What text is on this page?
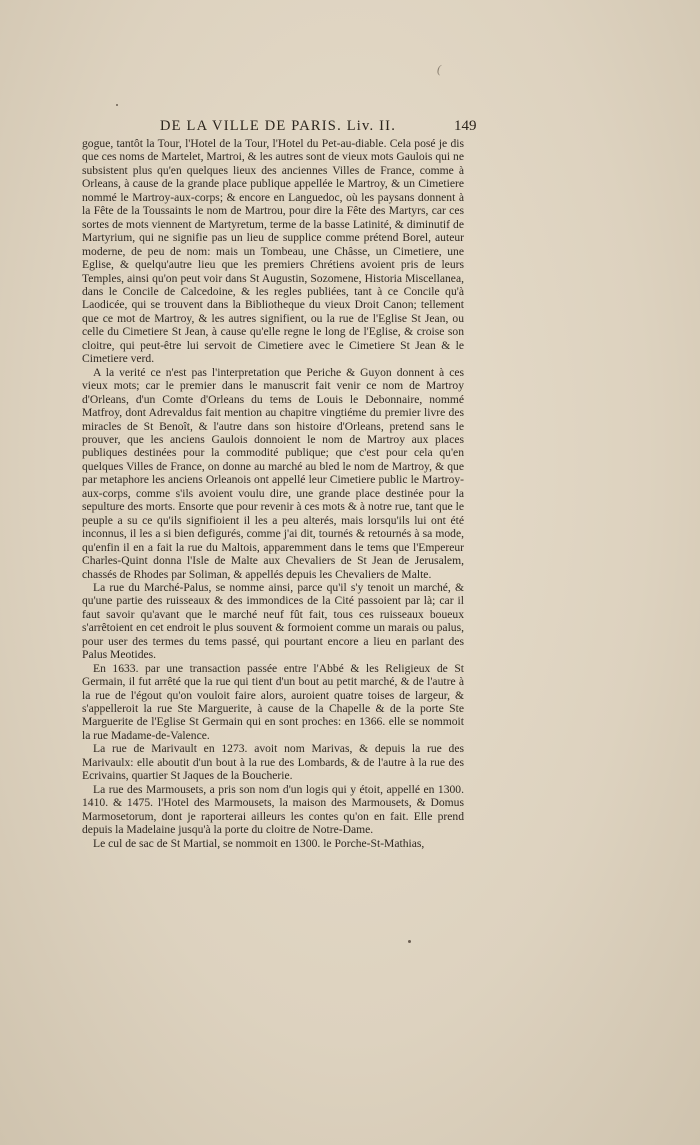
(
DE LA VILLE DE PARIS. Liv. II.	149

gogue, tantôt la Tour, l'Hotel de la Tour, l'Hotel du Pet-au-diable. Cela posé je dis que ces noms de Martelet, Martroi, & les autres sont de vieux mots Gaulois qui ne subsistent plus qu'en quelques lieux des anciennes Villes de France, comme à Orleans, à cause de la grande place publique appellée le Martroy, & un Cimetiere nommé le Martroy-aux-corps; & encore en Languedoc, où les paysans donnent à la Fête de la Toussaints le nom de Martrou, pour dire la Fête des Martyrs, car ces sortes de mots viennent de Martyretum, terme de la basse Latinité, & diminutif de Martyrium, qui ne signifie pas un lieu de supplice comme prétend Borel, auteur moderne, de peu de nom: mais un Tombeau, une Châsse, un Cimetiere, une Eglise, & quelqu'autre lieu que les premiers Chrétiens avoient pris de leurs Temples, ainsi qu'on peut voir dans St Augustin, Sozomene, Historia Miscellanea, dans le Concile de Calcedoine, & les regles publiées, tant à ce Concile qu'à Laodicée, qui se trouvent dans la Bibliotheque du vieux Droit Canon; tellement que ce mot de Martroy, & les autres signifient, ou la rue de l'Eglise St Jean, ou celle du Cimetiere St Jean, à cause qu'elle regne le long de l'Eglise, & croise son cloitre, qui peut-être lui servoit de Cimetiere avec le Cimetiere St Jean & le Cimetiere verd.

A la verité ce n'est pas l'interpretation que Periche & Guyon donnent à ces vieux mots; car le premier dans le manuscrit fait venir ce nom de Martroy d'Orleans, d'un Comte d'Orleans du tems de Louis le Debonnaire, nommé Matfroy, dont Adrevaldus fait mention au chapitre vingtiéme du premier livre des miracles de St Benoît, & l'autre dans son histoire d'Orleans, pretend sans le prouver, que les anciens Gaulois donnoient le nom de Martroy aux places publiques destinées pour la commodité publique; que c'est pour cela qu'en quelques Villes de France, on donne au marché au bled le nom de Martroy, & que par metaphore les anciens Orleanois ont appellé leur Cimetiere public le Martroy-aux-corps, comme s'ils avoient voulu dire, une grande place destinée pour la sepulture des morts. Ensorte que pour revenir à ces mots & à notre rue, tant que le peuple a su ce qu'ils signifioient il les a peu alterés, mais lorsqu'ils lui ont été inconnus, il les a si bien defigurés, comme j'ai dit, tournés & retournés à sa mode, qu'enfin il en a fait la rue du Maltois, apparemment dans le tems que l'Empereur Charles-Quint donna l'Isle de Malte aux Chevaliers de St Jean de Jerusalem, chassés de Rhodes par Soliman, & appellés depuis les Chevaliers de Malte.

La rue du Marché-Palus, se nomme ainsi, parce qu'il s'y tenoit un marché, & qu'une partie des ruisseaux & des immondices de la Cité passoient par là; car il faut savoir qu'avant que le marché neuf fût fait, tous ces ruisseaux boueux s'arrêtoient en cet endroit le plus souvent & formoient comme un marais ou palus, pour user des termes du tems passé, qui pourtant encore a lieu en parlant des Palus Meotides.

En 1633. par une transaction passée entre l'Abbé & les Religieux de St Germain, il fut arrêté que la rue qui tient d'un bout au petit marché, & de l'autre à la rue de l'égout qu'on vouloit faire alors, auroient quatre toises de largeur, & s'appelleroit la rue Ste Marguerite, à cause de la Chapelle & de la porte Ste Marguerite de l'Eglise St Germain qui en sont proches: en 1366. elle se nommoit la rue Madame-de-Valence.

La rue de Marivault en 1273. avoit nom Marivas, & depuis la rue des Marivaulx: elle aboutit d'un bout à la rue des Lombards, & de l'autre à la rue des Ecrivains, quartier St Jaques de la Boucherie.

La rue des Marmousets, a pris son nom d'un logis qui y étoit, appellé en 1300. 1410. & 1475. l'Hotel des Marmousets, la maison des Marmousets, & Domus Marmosetorum, dont je raporterai ailleurs les contes qu'on en fait. Elle prend depuis la Madelaine jusqu'à la porte du cloitre de Notre-Dame.

Le cul de sac de St Martial, se nommoit en 1300. le Porche-St-Mathias,
